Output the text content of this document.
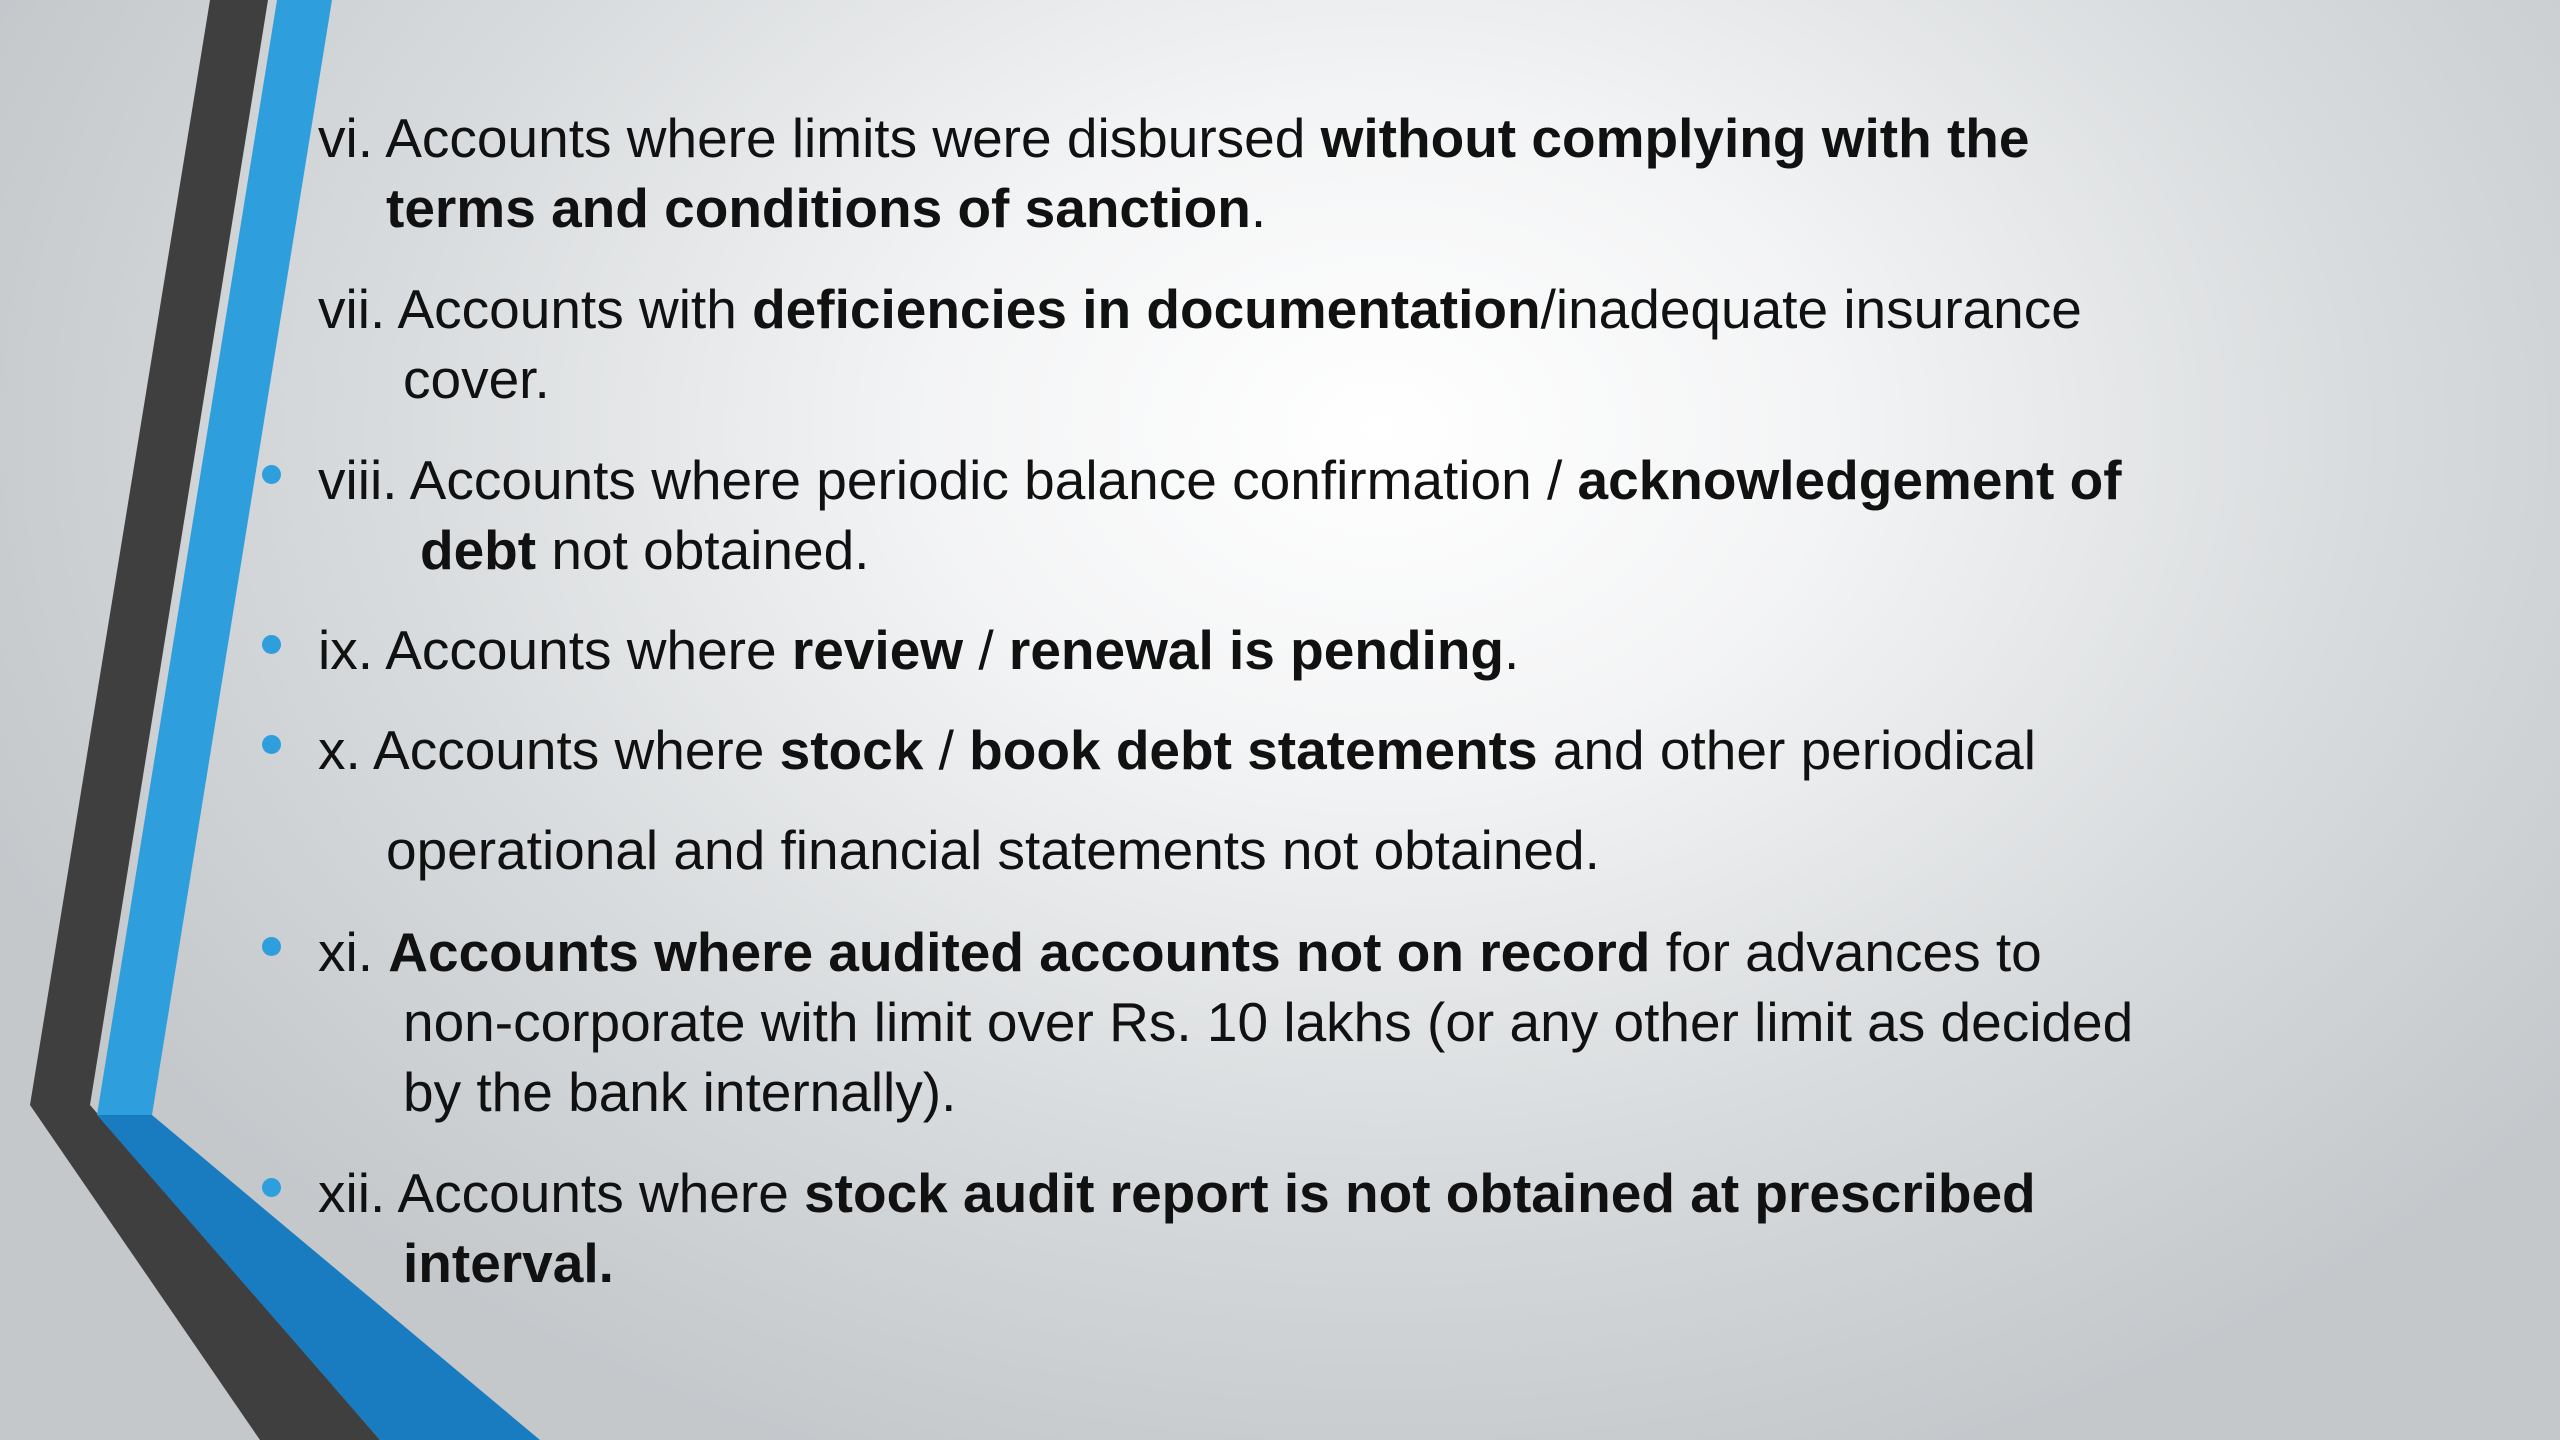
vi. Accounts where limits were disbursed without complying with the
terms and conditions of sanction.
vii. Accounts with deficiencies in documentation/inadequate insurance
cover.
viii. Accounts where periodic balance confirmation / acknowledgement of
debt not obtained.
ix. Accounts where review / renewal is pending.
x. Accounts where stock / book debt statements and other periodical
operational and financial statements not obtained.
xi. Accounts where audited accounts not on record for advances to
non-corporate with limit over Rs. 10 lakhs (or any other limit as decided
by the bank internally).
xii. Accounts where stock audit report is not obtained at prescribed
interval.
